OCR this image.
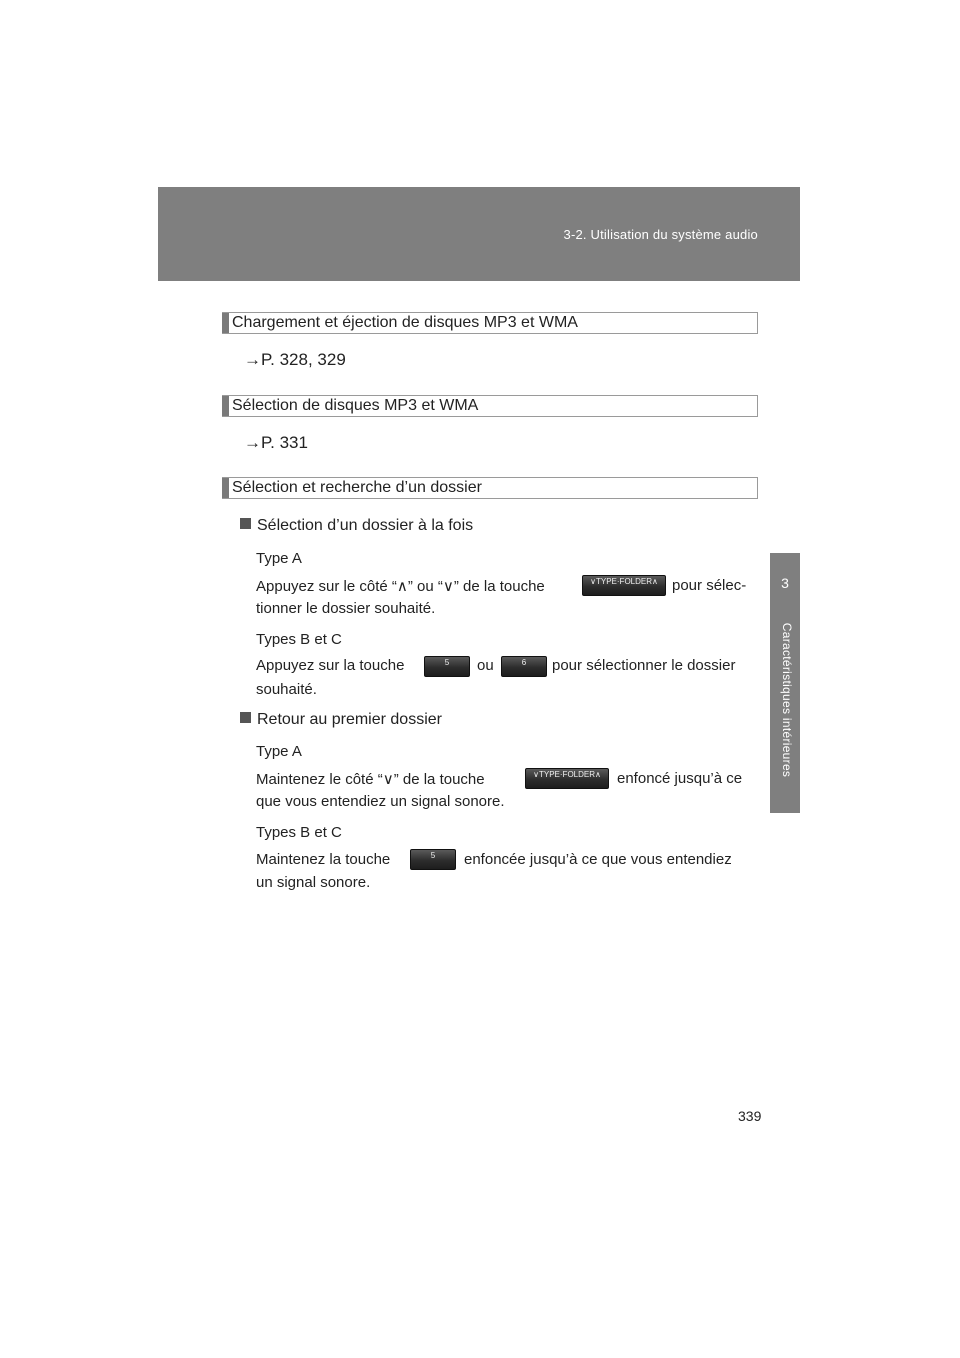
3-2. Utilisation du système audio
3
Caractéristiques intérieures
Chargement et éjection de disques MP3 et WMA
→P. 328, 329
Sélection de disques MP3 et WMA
→P. 331
Sélection et recherche d’un dossier
Sélection d’un dossier à la fois
Type A
Appuyez sur le côté “∧” ou “∨” de la touche	∨TYPE·FOLDER∧ pour sélec-
tionner le dossier souhaité.
Types B et C
Appuyez sur la touche	5	ou	6	pour sélectionner le dossier
souhaité.
Retour au premier dossier
Type A
Maintenez le côté “∨” de la touche	∨TYPE·FOLDER∧	enfoncé jusqu’à ce
que vous entendiez un signal sonore.
Types B et C
Maintenez la touche	5	enfoncée jusqu’à ce que vous entendiez
un signal sonore.
339
